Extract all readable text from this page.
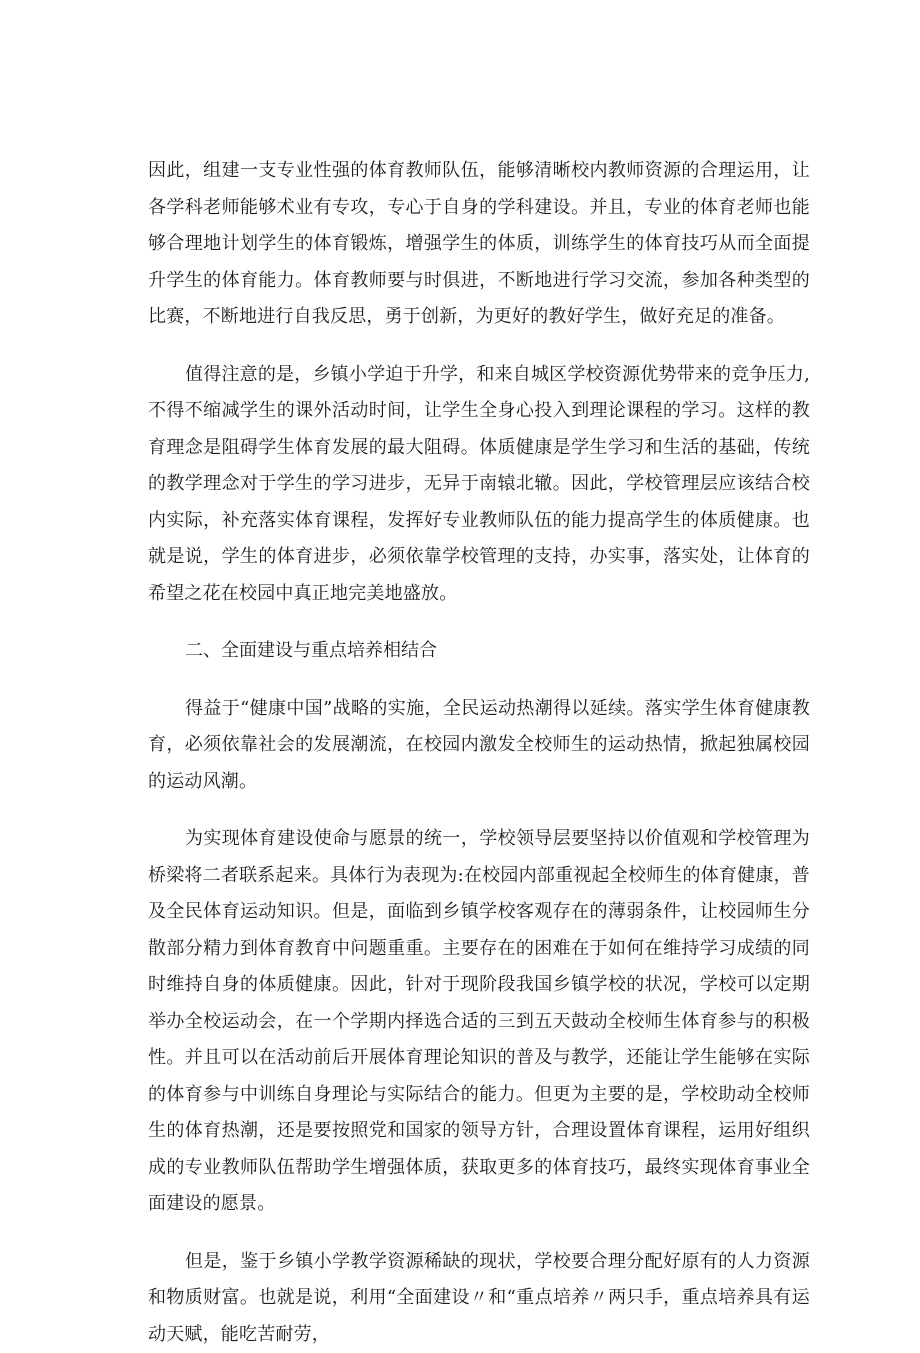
因此，组建一支专业性强的体育教师队伍，能够清晰校内教师资源的合理运用，让各学科老师能够术业有专攻，专心于自身的学科建设。并且，专业的体育老师也能够合理地计划学生的体育锻炼，增强学生的体质，训练学生的体育技巧从而全面提升学生的体育能力。体育教师要与时俱进，不断地进行学习交流，参加各种类型的比赛，不断地进行自我反思，勇于创新，为更好的教好学生，做好充足的准备。

值得注意的是，乡镇小学迫于升学，和来自城区学校资源优势带来的竞争压力,不得不缩减学生的课外活动时间，让学生全身心投入到理论课程的学习。这样的教育理念是阻碍学生体育发展的最大阻碍。体质健康是学生学习和生活的基础，传统的教学理念对于学生的学习进步，无异于南辕北辙。因此，学校管理层应该结合校内实际，补充落实体育课程，发挥好专业教师队伍的能力提高学生的体质健康。也就是说，学生的体育进步，必须依靠学校管理的支持，办实事，落实处，让体育的希望之花在校园中真正地完美地盛放。

二、全面建设与重点培养相结合

得益于“健康中国”战略的实施，全民运动热潮得以延续。落实学生体育健康教育，必须依靠社会的发展潮流，在校园内激发全校师生的运动热情，掀起独属校园的运动风潮。

为实现体育建设使命与愿景的统一，学校领导层要坚持以价值观和学校管理为桥梁将二者联系起来。具体行为表现为:在校园内部重视起全校师生的体育健康，普及全民体育运动知识。但是，面临到乡镇学校客观存在的薄弱条件，让校园师生分散部分精力到体育教育中问题重重。主要存在的困难在于如何在维持学习成绩的同时维持自身的体质健康。因此，针对于现阶段我国乡镇学校的状况，学校可以定期举办全校运动会，在一个学期内择选合适的三到五天鼓动全校师生体育参与的积极性。并且可以在活动前后开展体育理论知识的普及与教学，还能让学生能够在实际的体育参与中训练自身理论与实际结合的能力。但更为主要的是，学校助动全校师生的体育热潮，还是要按照党和国家的领导方针，合理设置体育课程，运用好组织成的专业教师队伍帮助学生增强体质，获取更多的体育技巧，最终实现体育事业全面建设的愿景。

但是，鉴于乡镇小学教学资源稀缺的现状，学校要合理分配好原有的人力资源和物质财富。也就是说，利用“全面建设〃和“重点培养〃两只手，重点培养具有运动天赋，能吃苦耐劳，
